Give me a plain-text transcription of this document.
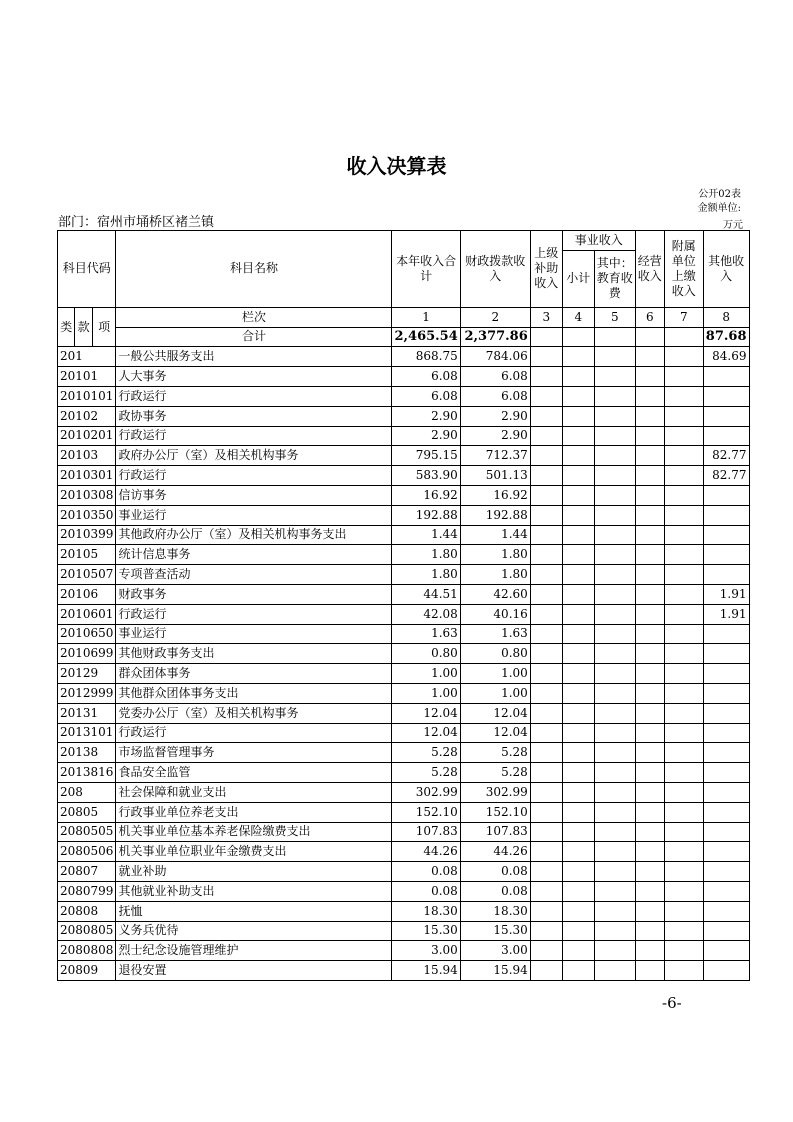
收入决算表
公开02表
金额单位:
万元
部门：宿州市埇桥区褚兰镇
科目代码			科目名称	本年收入合计	财政拨款收入	上级补助收入	事业收入		经营收入	附属单位上缴收入	其他收入
							小计	其中：教育收费			
类	款	项	栏次	1	2	3	4	5	6	7	8
			合计	2,465.54	2,377.86						87.68
201			一般公共服务支出	868.75	784.06						84.69
20101			人大事务	6.08	6.08						
2010101			行政运行	6.08	6.08						
20102			政协事务	2.90	2.90						
2010201			行政运行	2.90	2.90						
20103			政府办公厅（室）及相关机构事务	795.15	712.37						82.77
2010301			行政运行	583.90	501.13						82.77
2010308			信访事务	16.92	16.92						
2010350			事业运行	192.88	192.88						
2010399			其他政府办公厅（室）及相关机构事务支出	1.44	1.44						
20105			统计信息事务	1.80	1.80						
2010507			专项普查活动	1.80	1.80						
20106			财政事务	44.51	42.60						1.91
2010601			行政运行	42.08	40.16						1.91
2010650			事业运行	1.63	1.63						
2010699			其他财政事务支出	0.80	0.80						
20129			群众团体事务	1.00	1.00						
2012999			其他群众团体事务支出	1.00	1.00						
20131			党委办公厅（室）及相关机构事务	12.04	12.04						
2013101			行政运行	12.04	12.04						
20138			市场监督管理事务	5.28	5.28						
2013816			食品安全监管	5.28	5.28						
208			社会保障和就业支出	302.99	302.99						
20805			行政事业单位养老支出	152.10	152.10						
2080505			机关事业单位基本养老保险缴费支出	107.83	107.83						
2080506			机关事业单位职业年金缴费支出	44.26	44.26						
20807			就业补助	0.08	0.08						
2080799			其他就业补助支出	0.08	0.08						
20808			抚恤	18.30	18.30						
2080805			义务兵优待	15.30	15.30						
2080808			烈士纪念设施管理维护	3.00	3.00						
20809			退役安置	15.94	15.94						
-6-
